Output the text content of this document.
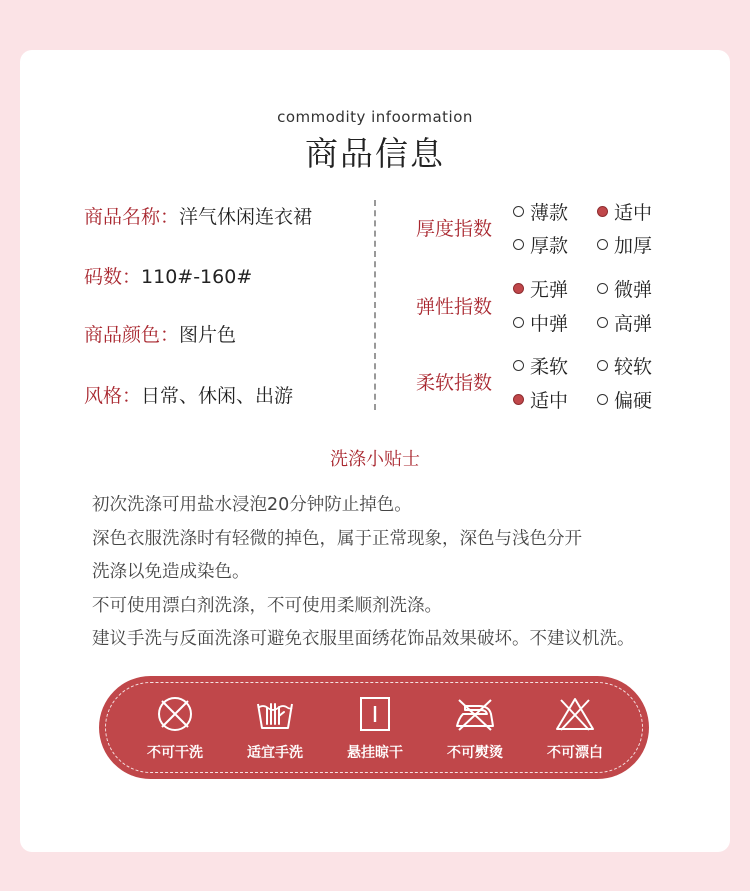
commodity infoormation
商品信息
商品名称：洋气休闲连衣裙
码数：110#-160#
商品颜色：图片色
风格：日常、休闲、出游
厚度指数
薄款 适中
厚款 加厚
弹性指数
无弹 微弹
中弹 高弹
柔软指数
柔软 较软
适中 偏硬
洗涤小贴士
初次洗涤可用盐水浸泡20分钟防止掉色。
深色衣服洗涤时有轻微的掉色，属于正常现象，深色与浅色分开
洗涤以免造成染色。
不可使用漂白剂洗涤，不可使用柔顺剂洗涤。
建议手洗与反面洗涤可避免衣服里面绣花饰品效果破坏。不建议机洗。
不可干洗	适宜手洗	悬挂晾干	不可熨烫	不可漂白
